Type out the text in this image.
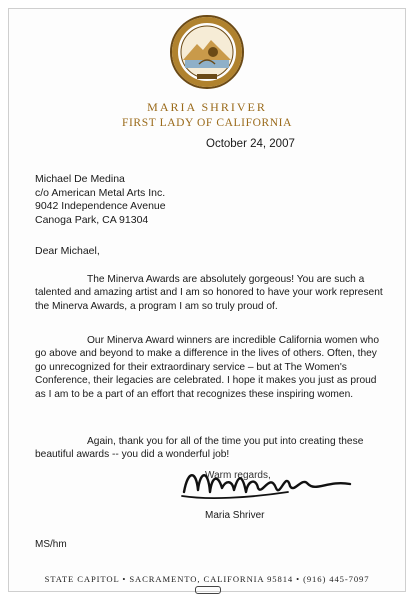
MARIA SHRIVER
FIRST LADY OF CALIFORNIA
October 24, 2007
Michael De Medina
c/o American Metal Arts Inc.
9042 Independence Avenue
Canoga Park, CA 91304
Dear Michael,
The Minerva Awards are absolutely gorgeous! You are such a talented and amazing artist and I am so honored to have your work represent the Minerva Awards, a program I am so truly proud of.
Our Minerva Award winners are incredible California women who go above and beyond to make a difference in the lives of others. Often, they go unrecognized for their extraordinary service – but at The Women's Conference, their legacies are celebrated. I hope it makes you just as proud as I am to be a part of an effort that recognizes these inspiring women.
Again, thank you for all of the time you put into creating these beautiful awards -- you did a wonderful job!
Warm regards,
Maria Shriver
MS/hm
STATE CAPITOL • SACRAMENTO, CALIFORNIA 95814 • (916) 445-7097
